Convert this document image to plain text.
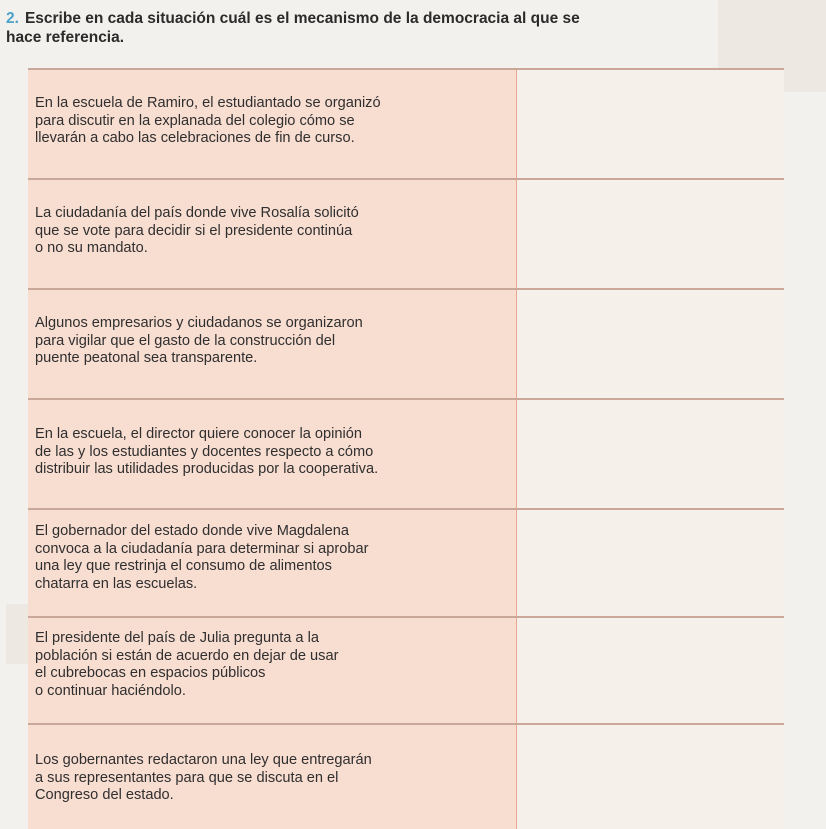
2. Escribe en cada situación cuál es el mecanismo de la democracia al que se
hace referencia.
En la escuela de Ramiro, el estudiantado se organizó
para discutir en la explanada del colegio cómo se
llevarán a cabo las celebraciones de fin de curso.
La ciudadanía del país donde vive Rosalía solicitó
que se vote para decidir si el presidente continúa
o no su mandato.
Algunos empresarios y ciudadanos se organizaron
para vigilar que el gasto de la construcción del
puente peatonal sea transparente.
En la escuela, el director quiere conocer la opinión
de las y los estudiantes y docentes respecto a cómo
distribuir las utilidades producidas por la cooperativa.
El gobernador del estado donde vive Magdalena
convoca a la ciudadanía para determinar si aprobar
una ley que restrinja el consumo de alimentos
chatarra en las escuelas.
El presidente del país de Julia pregunta a la
población si están de acuerdo en dejar de usar
el cubrebocas en espacios públicos
o continuar haciéndolo.
Los gobernantes redactaron una ley que entregarán
a sus representantes para que se discuta en el
Congreso del estado.
